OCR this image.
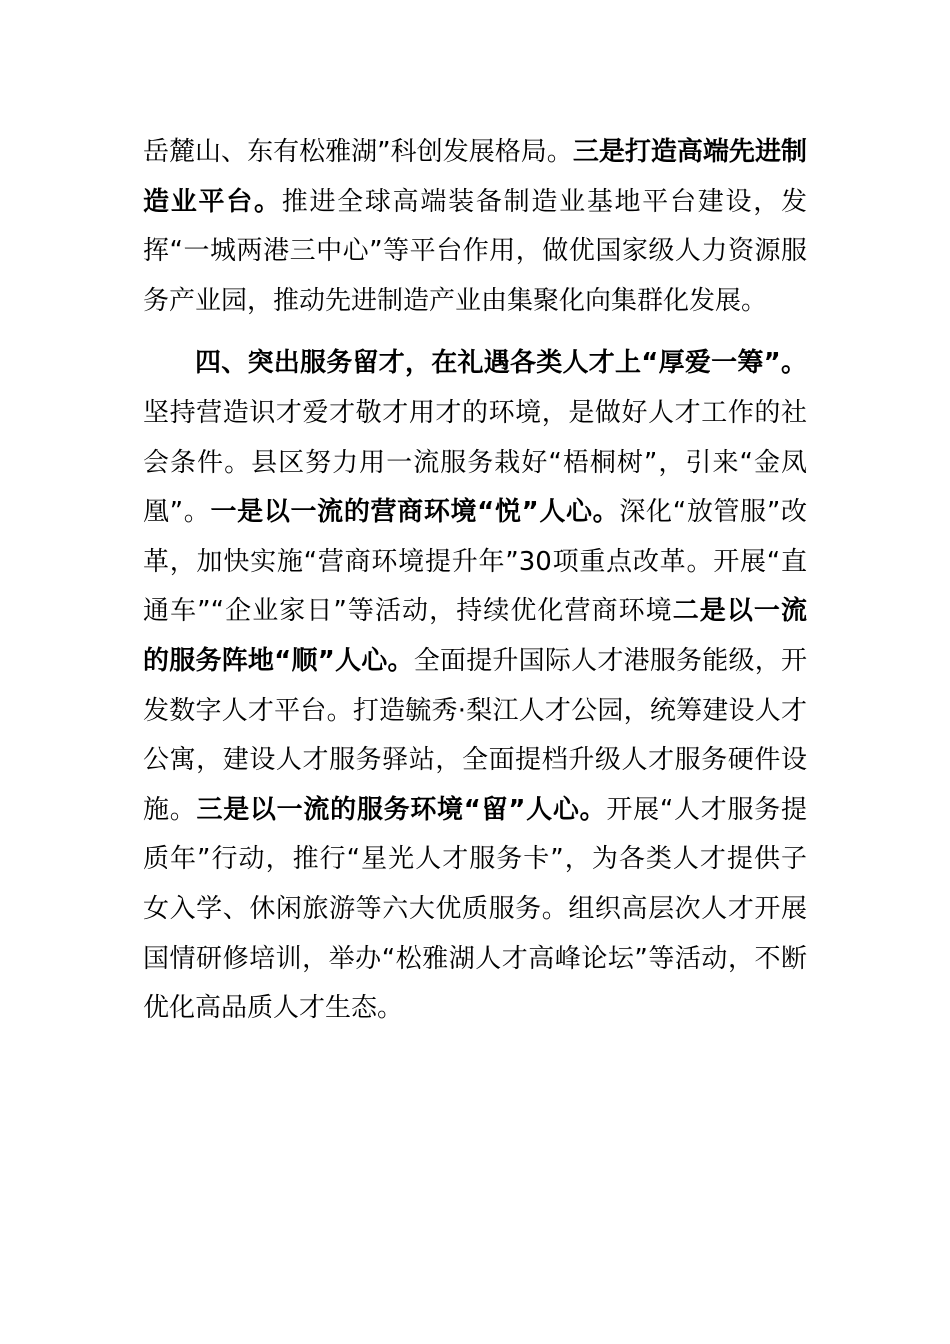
岳麓山、东有松雅湖”科创发展格局。三是打造高端先进制造业平台。推进全球高端装备制造业基地平台建设，发挥“一城两港三中心”等平台作用，做优国家级人力资源服务产业园，推动先进制造产业由集聚化向集群化发展。

四、突出服务留才，在礼遇各类人才上“厚爱一筹”。坚持营造识才爱才敬才用才的环境，是做好人才工作的社会条件。县区努力用一流服务栽好“梧桐树”，引来“金凤凰”。一是以一流的营商环境“悦”人心。深化“放管服”改革，加快实施“营商环境提升年”30项重点改革。开展“直通车”“企业家日”等活动，持续优化营商环境二是以一流的服务阵地“顺”人心。全面提升国际人才港服务能级，开发数字人才平台。打造毓秀·梨江人才公园，统筹建设人才公寓，建设人才服务驿站，全面提档升级人才服务硬件设施。三是以一流的服务环境“留”人心。开展“人才服务提质年”行动，推行“星光人才服务卡”，为各类人才提供子女入学、休闲旅游等六大优质服务。组织高层次人才开展国情研修培训，举办“松雅湖人才高峰论坛”等活动，不断优化高品质人才生态。
